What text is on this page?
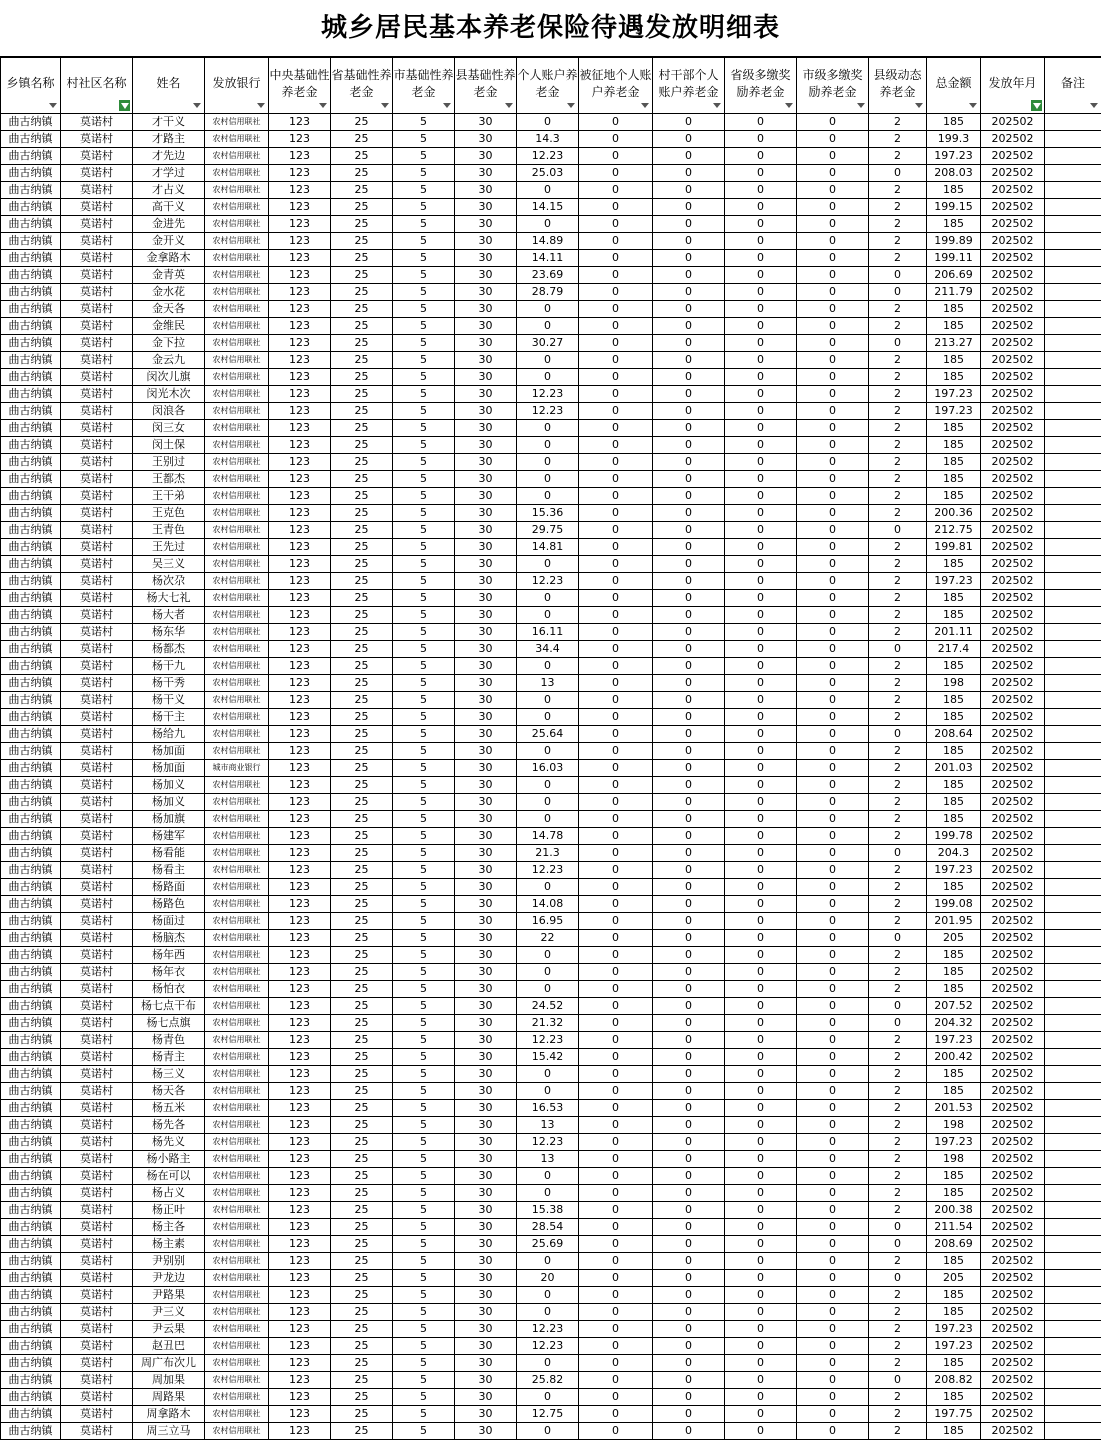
城乡居民基本养老保险待遇发放明细表
乡镇名称	村社区名称	姓名	发放银行	中央基础性养老金	省基础性养老金	市基础性养老金	县基础性养老金	个人账户养老金	被征地个人账户养老金	村干部个人账户养老金	省级多缴奖励养老金	市级多缴奖励养老金	县级动态养老金	总金额	发放年月	备注

曲古纳镇	莫诺村	才干义	农村信用联社	123	25	5	30	0	0	0	0	0	2	185	202502	
曲古纳镇	莫诺村	才路主	农村信用联社	123	25	5	30	14.3	0	0	0	0	2	199.3	202502	
曲古纳镇	莫诺村	才先边	农村信用联社	123	25	5	30	12.23	0	0	0	0	2	197.23	202502	
曲古纳镇	莫诺村	才学过	农村信用联社	123	25	5	30	25.03	0	0	0	0	0	208.03	202502	
曲古纳镇	莫诺村	才占义	农村信用联社	123	25	5	30	0	0	0	0	0	2	185	202502	
曲古纳镇	莫诺村	高干义	农村信用联社	123	25	5	30	14.15	0	0	0	0	2	199.15	202502	
曲古纳镇	莫诺村	金进先	农村信用联社	123	25	5	30	0	0	0	0	0	2	185	202502	
曲古纳镇	莫诺村	金开义	农村信用联社	123	25	5	30	14.89	0	0	0	0	2	199.89	202502	
曲古纳镇	莫诺村	金拿路木	农村信用联社	123	25	5	30	14.11	0	0	0	0	2	199.11	202502	
曲古纳镇	莫诺村	金青英	农村信用联社	123	25	5	30	23.69	0	0	0	0	0	206.69	202502	
曲古纳镇	莫诺村	金水花	农村信用联社	123	25	5	30	28.79	0	0	0	0	0	211.79	202502	
曲古纳镇	莫诺村	金天各	农村信用联社	123	25	5	30	0	0	0	0	0	2	185	202502	
曲古纳镇	莫诺村	金维民	农村信用联社	123	25	5	30	0	0	0	0	0	2	185	202502	
曲古纳镇	莫诺村	金下拉	农村信用联社	123	25	5	30	30.27	0	0	0	0	0	213.27	202502	
曲古纳镇	莫诺村	金云九	农村信用联社	123	25	5	30	0	0	0	0	0	2	185	202502	
曲古纳镇	莫诺村	闵次儿旗	农村信用联社	123	25	5	30	0	0	0	0	0	2	185	202502	
曲古纳镇	莫诺村	闵光木次	农村信用联社	123	25	5	30	12.23	0	0	0	0	2	197.23	202502	
曲古纳镇	莫诺村	闵浪各	农村信用联社	123	25	5	30	12.23	0	0	0	0	2	197.23	202502	
曲古纳镇	莫诺村	闵三女	农村信用联社	123	25	5	30	0	0	0	0	0	2	185	202502	
曲古纳镇	莫诺村	闵土保	农村信用联社	123	25	5	30	0	0	0	0	0	2	185	202502	
曲古纳镇	莫诺村	王别过	农村信用联社	123	25	5	30	0	0	0	0	0	2	185	202502	
曲古纳镇	莫诺村	王都杰	农村信用联社	123	25	5	30	0	0	0	0	0	2	185	202502	
曲古纳镇	莫诺村	王干弟	农村信用联社	123	25	5	30	0	0	0	0	0	2	185	202502	
曲古纳镇	莫诺村	王克色	农村信用联社	123	25	5	30	15.36	0	0	0	0	2	200.36	202502	
曲古纳镇	莫诺村	王青色	农村信用联社	123	25	5	30	29.75	0	0	0	0	0	212.75	202502	
曲古纳镇	莫诺村	王先过	农村信用联社	123	25	5	30	14.81	0	0	0	0	2	199.81	202502	
曲古纳镇	莫诺村	吴三义	农村信用联社	123	25	5	30	0	0	0	0	0	2	185	202502	
曲古纳镇	莫诺村	杨次尕	农村信用联社	123	25	5	30	12.23	0	0	0	0	2	197.23	202502	
曲古纳镇	莫诺村	杨大七礼	农村信用联社	123	25	5	30	0	0	0	0	0	2	185	202502	
曲古纳镇	莫诺村	杨大者	农村信用联社	123	25	5	30	0	0	0	0	0	2	185	202502	
曲古纳镇	莫诺村	杨东华	农村信用联社	123	25	5	30	16.11	0	0	0	0	2	201.11	202502	
曲古纳镇	莫诺村	杨都杰	农村信用联社	123	25	5	30	34.4	0	0	0	0	0	217.4	202502	
曲古纳镇	莫诺村	杨干九	农村信用联社	123	25	5	30	0	0	0	0	0	2	185	202502	
曲古纳镇	莫诺村	杨干秀	农村信用联社	123	25	5	30	13	0	0	0	0	2	198	202502	
曲古纳镇	莫诺村	杨干义	农村信用联社	123	25	5	30	0	0	0	0	0	2	185	202502	
曲古纳镇	莫诺村	杨干主	农村信用联社	123	25	5	30	0	0	0	0	0	2	185	202502	
曲古纳镇	莫诺村	杨给九	农村信用联社	123	25	5	30	25.64	0	0	0	0	0	208.64	202502	
曲古纳镇	莫诺村	杨加面	农村信用联社	123	25	5	30	0	0	0	0	0	2	185	202502	
曲古纳镇	莫诺村	杨加面	城市商业银行	123	25	5	30	16.03	0	0	0	0	2	201.03	202502	
曲古纳镇	莫诺村	杨加义	农村信用联社	123	25	5	30	0	0	0	0	0	2	185	202502	
曲古纳镇	莫诺村	杨加义	农村信用联社	123	25	5	30	0	0	0	0	0	2	185	202502	
曲古纳镇	莫诺村	杨加旗	农村信用联社	123	25	5	30	0	0	0	0	0	2	185	202502	
曲古纳镇	莫诺村	杨建军	农村信用联社	123	25	5	30	14.78	0	0	0	0	2	199.78	202502	
曲古纳镇	莫诺村	杨看能	农村信用联社	123	25	5	30	21.3	0	0	0	0	0	204.3	202502	
曲古纳镇	莫诺村	杨看主	农村信用联社	123	25	5	30	12.23	0	0	0	0	2	197.23	202502	
曲古纳镇	莫诺村	杨路面	农村信用联社	123	25	5	30	0	0	0	0	0	2	185	202502	
曲古纳镇	莫诺村	杨路色	农村信用联社	123	25	5	30	14.08	0	0	0	0	2	199.08	202502	
曲古纳镇	莫诺村	杨面过	农村信用联社	123	25	5	30	16.95	0	0	0	0	2	201.95	202502	
曲古纳镇	莫诺村	杨脑杰	农村信用联社	123	25	5	30	22	0	0	0	0	0	205	202502	
曲古纳镇	莫诺村	杨年西	农村信用联社	123	25	5	30	0	0	0	0	0	2	185	202502	
曲古纳镇	莫诺村	杨年衣	农村信用联社	123	25	5	30	0	0	0	0	0	2	185	202502	
曲古纳镇	莫诺村	杨怕衣	农村信用联社	123	25	5	30	0	0	0	0	0	2	185	202502	
曲古纳镇	莫诺村	杨七点干布	农村信用联社	123	25	5	30	24.52	0	0	0	0	0	207.52	202502	
曲古纳镇	莫诺村	杨七点旗	农村信用联社	123	25	5	30	21.32	0	0	0	0	0	204.32	202502	
曲古纳镇	莫诺村	杨青色	农村信用联社	123	25	5	30	12.23	0	0	0	0	2	197.23	202502	
曲古纳镇	莫诺村	杨青主	农村信用联社	123	25	5	30	15.42	0	0	0	0	2	200.42	202502	
曲古纳镇	莫诺村	杨三义	农村信用联社	123	25	5	30	0	0	0	0	0	2	185	202502	
曲古纳镇	莫诺村	杨天各	农村信用联社	123	25	5	30	0	0	0	0	0	2	185	202502	
曲古纳镇	莫诺村	杨五米	农村信用联社	123	25	5	30	16.53	0	0	0	0	2	201.53	202502	
曲古纳镇	莫诺村	杨先各	农村信用联社	123	25	5	30	13	0	0	0	0	2	198	202502	
曲古纳镇	莫诺村	杨先义	农村信用联社	123	25	5	30	12.23	0	0	0	0	2	197.23	202502	
曲古纳镇	莫诺村	杨小路主	农村信用联社	123	25	5	30	13	0	0	0	0	2	198	202502	
曲古纳镇	莫诺村	杨在可以	农村信用联社	123	25	5	30	0	0	0	0	0	2	185	202502	
曲古纳镇	莫诺村	杨占义	农村信用联社	123	25	5	30	0	0	0	0	0	2	185	202502	
曲古纳镇	莫诺村	杨正叶	农村信用联社	123	25	5	30	15.38	0	0	0	0	2	200.38	202502	
曲古纳镇	莫诺村	杨主各	农村信用联社	123	25	5	30	28.54	0	0	0	0	0	211.54	202502	
曲古纳镇	莫诺村	杨主素	农村信用联社	123	25	5	30	25.69	0	0	0	0	0	208.69	202502	
曲古纳镇	莫诺村	尹别别	农村信用联社	123	25	5	30	0	0	0	0	0	2	185	202502	
曲古纳镇	莫诺村	尹龙边	农村信用联社	123	25	5	30	20	0	0	0	0	0	205	202502	
曲古纳镇	莫诺村	尹路果	农村信用联社	123	25	5	30	0	0	0	0	0	2	185	202502	
曲古纳镇	莫诺村	尹三义	农村信用联社	123	25	5	30	0	0	0	0	0	2	185	202502	
曲古纳镇	莫诺村	尹云果	农村信用联社	123	25	5	30	12.23	0	0	0	0	2	197.23	202502	
曲古纳镇	莫诺村	赵丑巴	农村信用联社	123	25	5	30	12.23	0	0	0	0	2	197.23	202502	
曲古纳镇	莫诺村	周广布次儿	农村信用联社	123	25	5	30	0	0	0	0	0	2	185	202502	
曲古纳镇	莫诺村	周加果	农村信用联社	123	25	5	30	25.82	0	0	0	0	0	208.82	202502	
曲古纳镇	莫诺村	周路果	农村信用联社	123	25	5	30	0	0	0	0	0	2	185	202502	
曲古纳镇	莫诺村	周拿路木	农村信用联社	123	25	5	30	12.75	0	0	0	0	2	197.75	202502	
曲古纳镇	莫诺村	周三立马	农村信用联社	123	25	5	30	0	0	0	0	0	2	185	202502	
